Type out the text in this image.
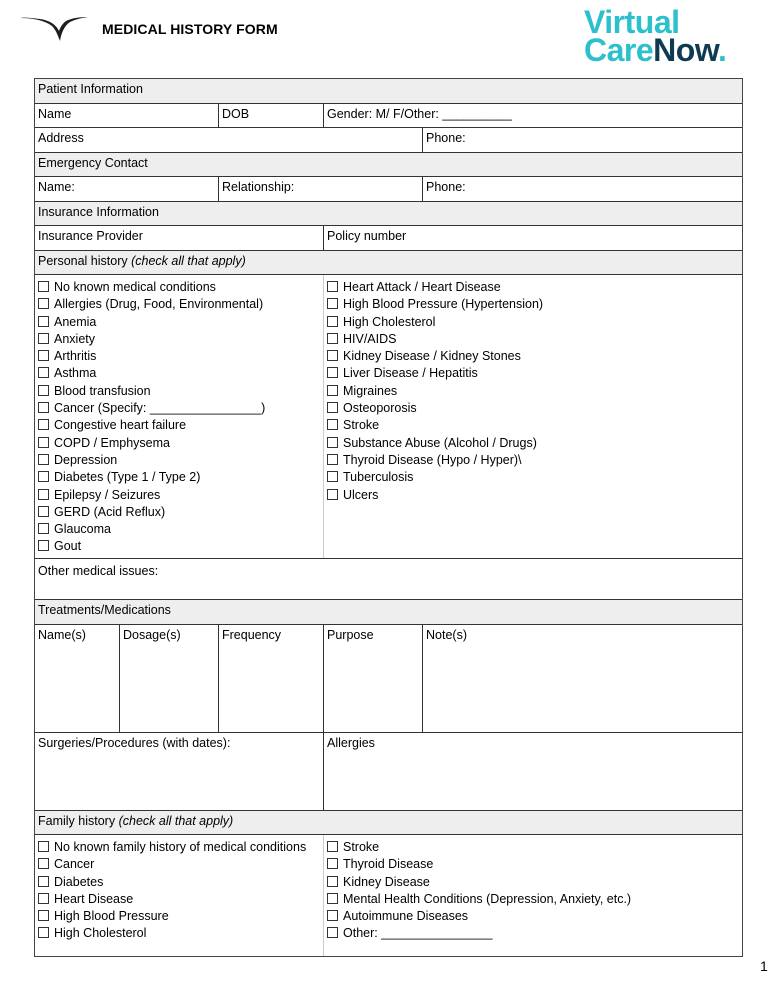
MEDICAL HISTORY FORM	Virtual
CareNow.
Patient Information
Name	DOB	Gender: M/ F/Other: __________
Address	Phone:
Emergency Contact
Name:	Relationship:	Phone:
Insurance Information
Insurance Provider	Policy number
Personal history (check all that apply)
No known medical conditions
Allergies (Drug, Food, Environmental)
Anemia
Anxiety
Arthritis
Asthma
Blood transfusion
Cancer (Specify: ________________)
Congestive heart failure
COPD / Emphysema
Depression
Diabetes (Type 1 / Type 2)
Epilepsy / Seizures
GERD (Acid Reflux)
Glaucoma
Gout
Heart Attack / Heart Disease
High Blood Pressure (Hypertension)
High Cholesterol
HIV/AIDS
Kidney Disease / Kidney Stones
Liver Disease / Hepatitis
Migraines
Osteoporosis
Stroke
Substance Abuse (Alcohol / Drugs)
Thyroid Disease (Hypo / Hyper)\
Tuberculosis
Ulcers
Other medical issues:
Treatments/Medications
Name(s)	Dosage(s)	Frequency	Purpose	Note(s)
Surgeries/Procedures (with dates):	Allergies
Family history (check all that apply)
No known family history of medical conditions
Cancer
Diabetes
Heart Disease
High Blood Pressure
High Cholesterol
Stroke
Thyroid Disease
Kidney Disease
Mental Health Conditions (Depression, Anxiety, etc.)
Autoimmune Diseases
Other: ________________
1
